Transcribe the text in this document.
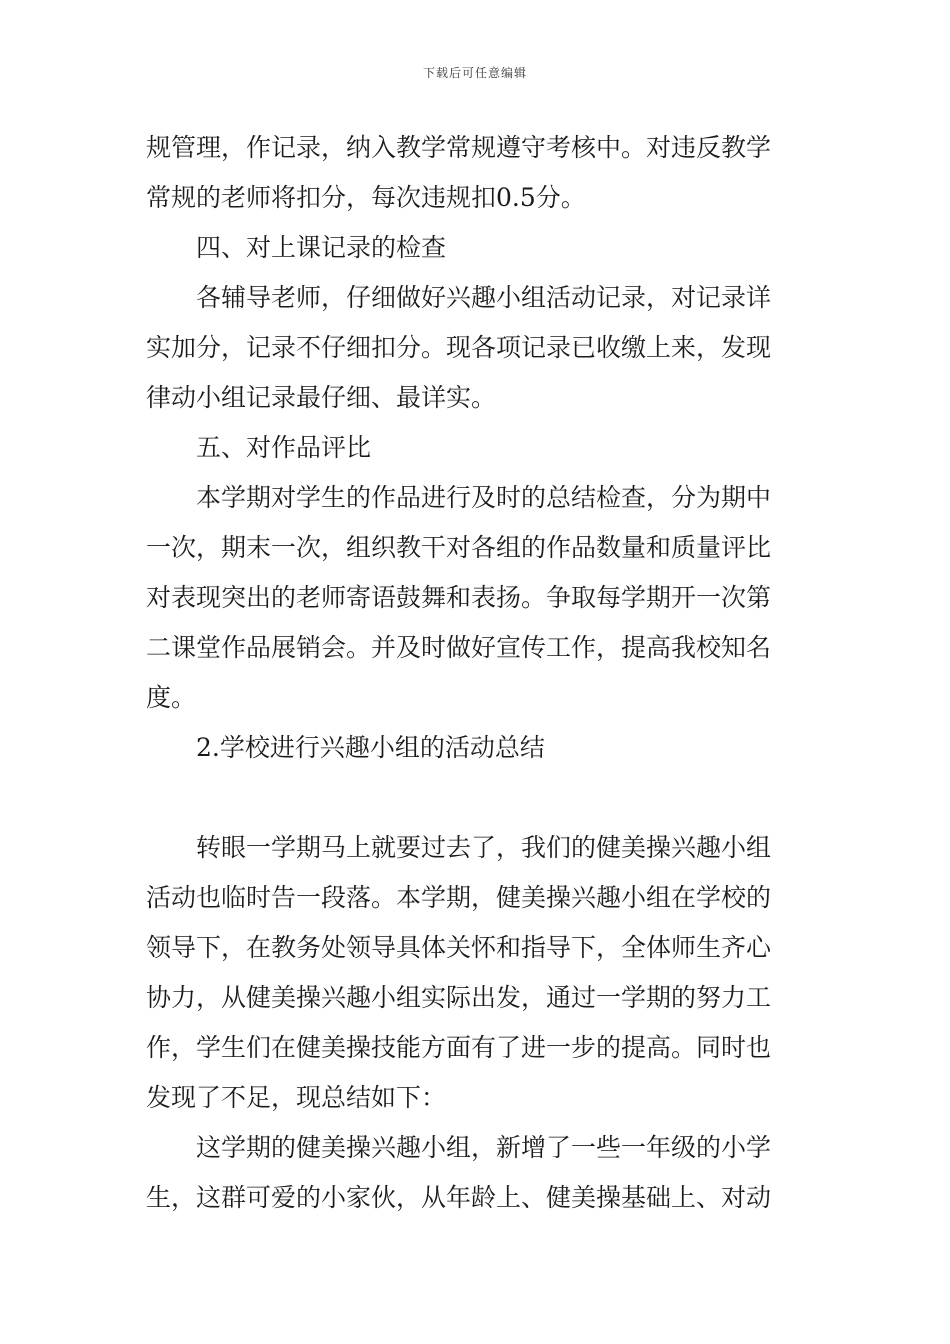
下载后可任意编辑
规管理，作记录，纳入教学常规遵守考核中。对违反教学
常规的老师将扣分，每次违规扣0.5分。
四、对上课记录的检查
各辅导老师，仔细做好兴趣小组活动记录，对记录详
实加分，记录不仔细扣分。现各项记录已收缴上来，发现
律动小组记录最仔细、最详实。
五、对作品评比
本学期对学生的作品进行及时的总结检查，分为期中
一次，期末一次，组织教干对各组的作品数量和质量评比
对表现突出的老师寄语鼓舞和表扬。争取每学期开一次第
二课堂作品展销会。并及时做好宣传工作，提高我校知名
度。
2.学校进行兴趣小组的活动总结
转眼一学期马上就要过去了，我们的健美操兴趣小组
活动也临时告一段落。本学期，健美操兴趣小组在学校的
领导下，在教务处领导具体关怀和指导下，全体师生齐心
协力，从健美操兴趣小组实际出发，通过一学期的努力工
作，学生们在健美操技能方面有了进一步的提高。同时也
发现了不足，现总结如下：
这学期的健美操兴趣小组，新增了一些一年级的小学
生，这群可爱的小家伙，从年龄上、健美操基础上、对动
